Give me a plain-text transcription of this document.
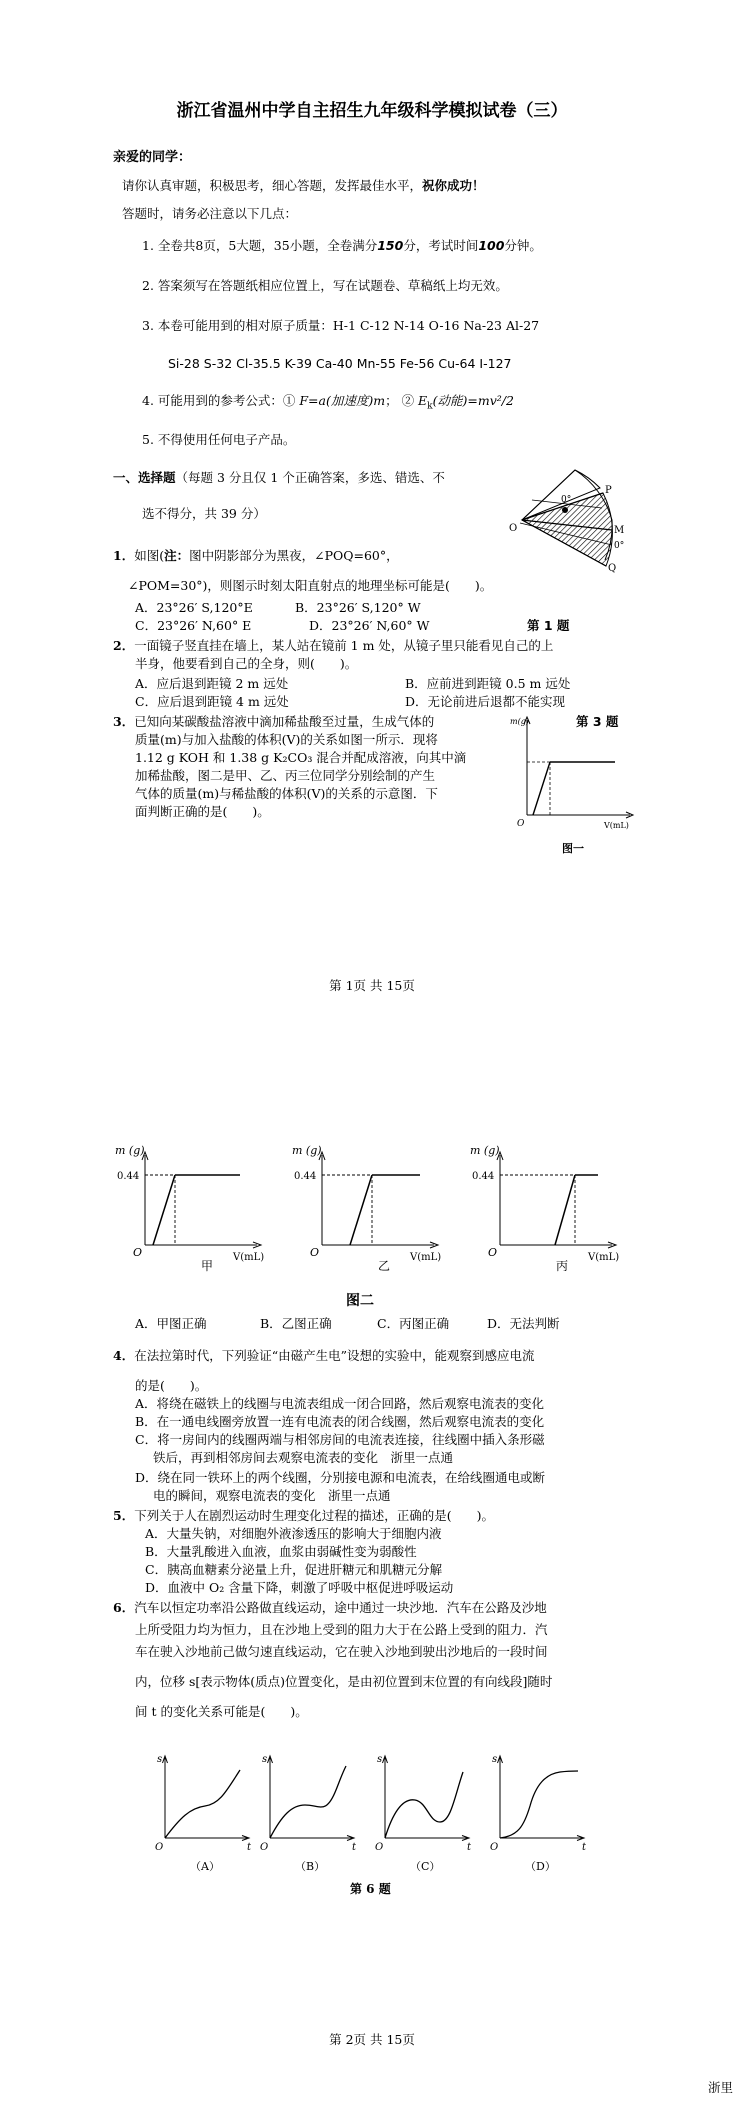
浙江省温州中学自主招生九年级科学模拟试卷（三）
亲爱的同学：
请你认真审题，积极思考，细心答题，发挥最佳水平，祝你成功！
答题时，请务必注意以下几点：
1. 全卷共8页，5大题，35小题，全卷满分150分，考试时间100分钟。
2. 答案须写在答题纸相应位置上，写在试题卷、草稿纸上均无效。
3. 本卷可能用到的相对原子质量：H-1 C-12 N-14 O-16 Na-23 Al-27
Si-28 S-32 Cl-35.5 K-39 Ca-40 Mn-55 Fe-56 Cu-64 I-127
4. 可能用到的参考公式：① F=a(加速度)m； ② $E_k$(动能)=mv²/2
5. 不得使用任何电子产品。
一、选择题（每题 3 分且仅 1 个正确答案，多选、错选、不
选不得分，共 39 分）
1．如图(注：图中阴影部分为黑夜，∠POQ=60°，
∠POM=30°)，则图示时刻太阳直射点的地理坐标可能是(　　)。
A．23°26′ S,120°E	B．23°26′ S,120° W
C．23°26′ N,60° E	D．23°26′ N,60° W	第 1 题
P
M
Q
O
0°
0°
2．一面镜子竖直挂在墙上，某人站在镜前 1 m 处，从镜子里只能看见自己的上
半身，他要看到自己的全身，则(　　)。
A．应后退到距镜 2 m 远处	B．应前进到距镜 0.5 m 远处
C．应后退到距镜 4 m 远处	D．无论前进后退都不能实现
3．已知向某碳酸盐溶液中滴加稀盐酸至过量，生成气体的
质量(m)与加入盐酸的体积(V)的关系如图一所示．现将
1.12 g KOH 和 1.38 g K₂CO₃ 混合并配成溶液，向其中滴
加稀盐酸，图二是甲、乙、丙三位同学分别绘制的产生
气体的质量(m)与稀盐酸的体积(V)的关系的示意图．下
面判断正确的是(　　)。
第 3 题
m(g)
V(mL)
O
图一
第 1页 共 15页
m (g)
0.44
O	V(mL)
甲
m (g)
0.44
O	V(mL)
乙
m (g)
0.44
O	V(mL)
丙
图二
A．甲图正确	B．乙图正确	C．丙图正确	D．无法判断
4．在法拉第时代，下列验证“由磁产生电”设想的实验中，能观察到感应电流
的是(　　)。
A．将绕在磁铁上的线圈与电流表组成一闭合回路，然后观察电流表的变化
B．在一通电线圈旁放置一连有电流表的闭合线圈，然后观察电流表的变化
C．将一房间内的线圈两端与相邻房间的电流表连接，往线圈中插入条形磁
铁后，再到相邻房间去观察电流表的变化　浙里一点通
D．绕在同一铁环上的两个线圈，分别接电源和电流表，在给线圈通电或断
电的瞬间，观察电流表的变化　浙里一点通
5．下列关于人在剧烈运动时生理变化过程的描述，正确的是(　　)。
A．大量失钠，对细胞外液渗透压的影响大于细胞内液
B．大量乳酸进入血液，血浆由弱碱性变为弱酸性
C．胰高血糖素分泌量上升，促进肝糖元和肌糖元分解
D．血液中 O₂ 含量下降，刺激了呼吸中枢促进呼吸运动
6．汽车以恒定功率沿公路做直线运动，途中通过一块沙地．汽车在公路及沙地
上所受阻力均为恒力，且在沙地上受到的阻力大于在公路上受到的阻力．汽
车在驶入沙地前己做匀速直线运动，它在驶入沙地到驶出沙地后的一段时间
内，位移 s[表示物体(质点)位置变化，是由初位置到末位置的有向线段]随时
间 t 的变化关系可能是(　　)。
s
O	t
（A）
s
O	t
（B）
s
O	t
（C）
s
O	t
（D）
第 6 题
第 2页 共 15页
浙里
